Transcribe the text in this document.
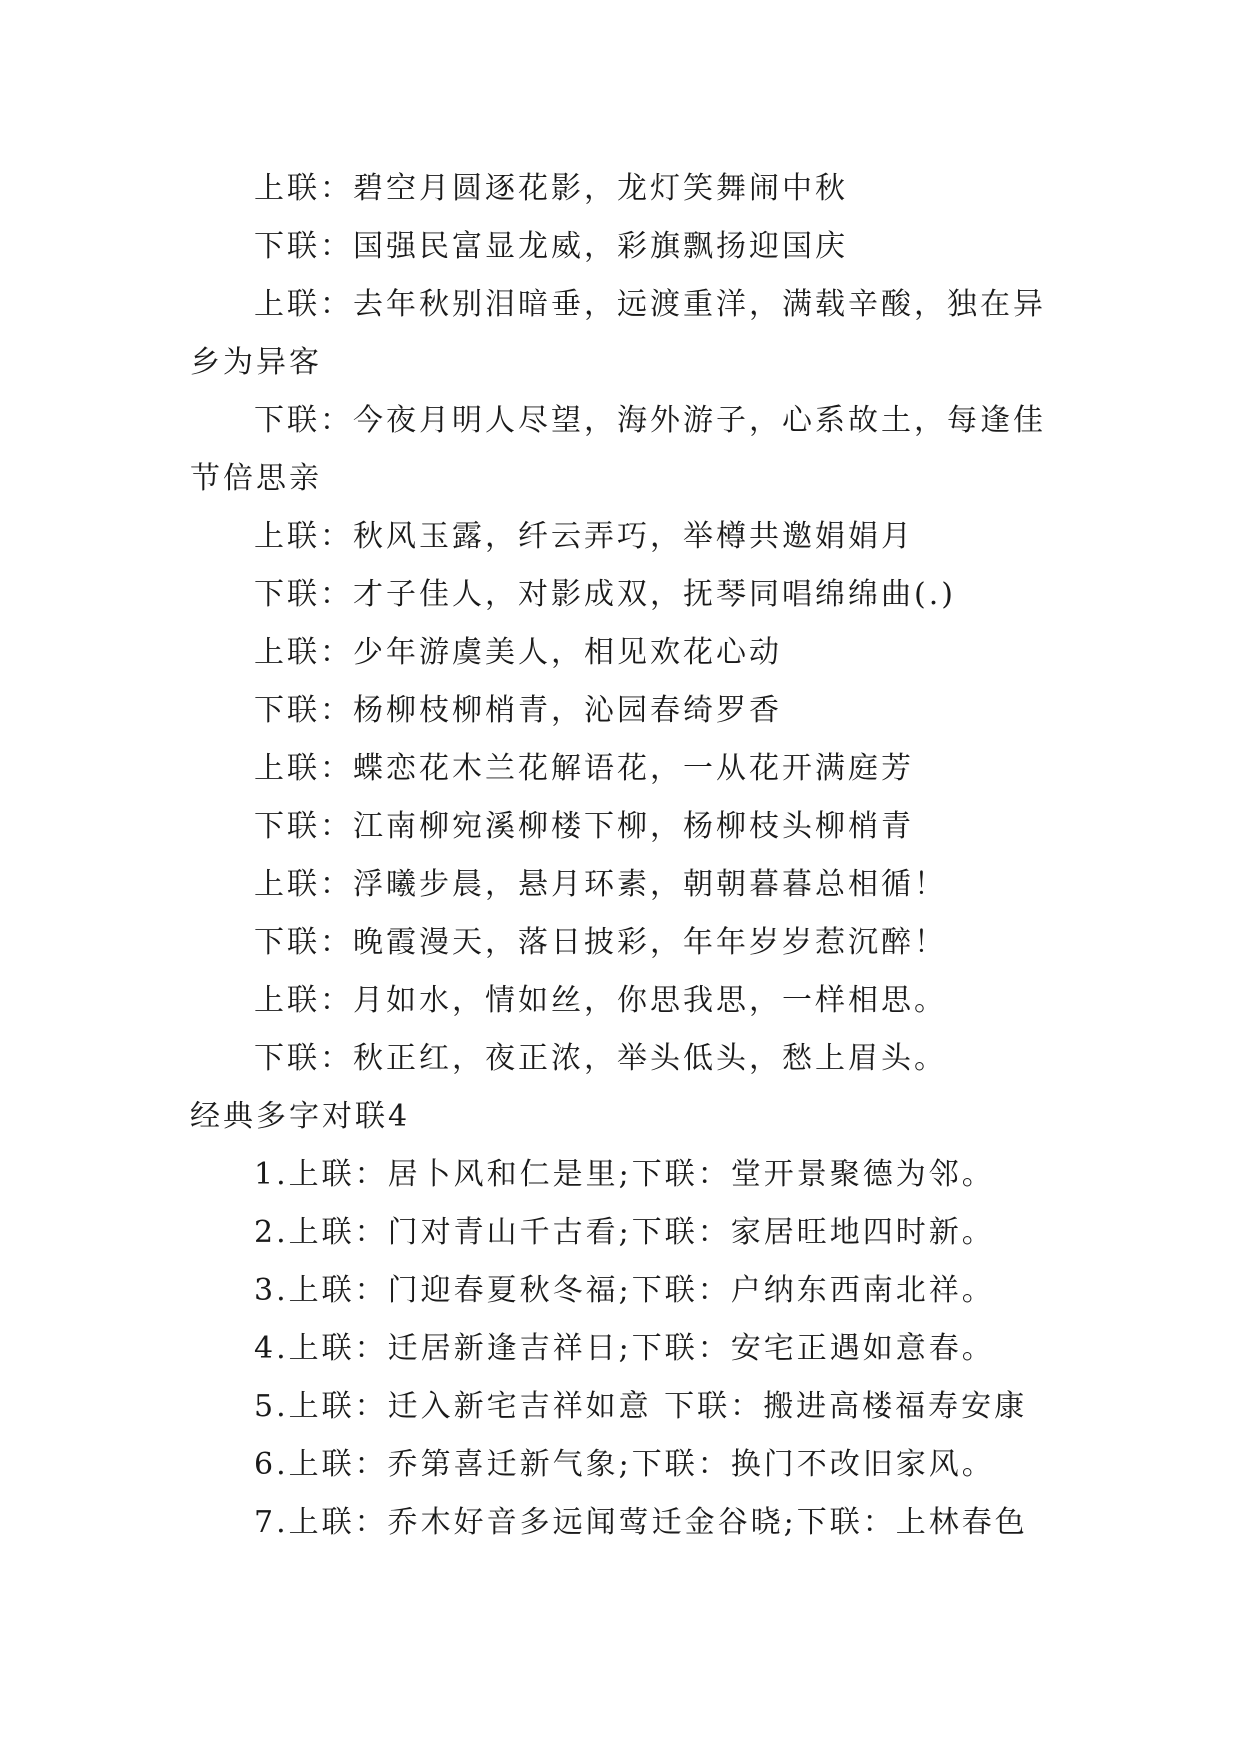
上联：碧空月圆逐花影，龙灯笑舞闹中秋

下联：国强民富显龙威，彩旗飘扬迎国庆

上联：去年秋别泪暗垂，远渡重洋，满载辛酸，独在异乡为异客

下联：今夜月明人尽望，海外游子，心系故土，每逢佳节倍思亲

上联：秋风玉露，纤云弄巧，举樽共邀娟娟月

下联：才子佳人，对影成双，抚琴同唱绵绵曲(.)

上联：少年游虞美人，相见欢花心动

下联：杨柳枝柳梢青，沁园春绮罗香

上联：蝶恋花木兰花解语花，一从花开满庭芳

下联：江南柳宛溪柳楼下柳，杨柳枝头柳梢青

上联：浮曦步晨，悬月环素，朝朝暮暮总相循！

下联：晚霞漫天，落日披彩，年年岁岁惹沉醉！

上联：月如水，情如丝，你思我思，一样相思。

下联：秋正红，夜正浓，举头低头，愁上眉头。

经典多字对联4

1.上联：居卜风和仁是里;下联：堂开景聚德为邻。

2.上联：门对青山千古看;下联：家居旺地四时新。

3.上联：门迎春夏秋冬福;下联：户纳东西南北祥。

4.上联：迁居新逢吉祥日;下联：安宅正遇如意春。

5.上联：迁入新宅吉祥如意 下联：搬进高楼福寿安康

6.上联：乔第喜迁新气象;下联：换门不改旧家风。

7.上联：乔木好音多远闻莺迁金谷晓;下联：上林春色
